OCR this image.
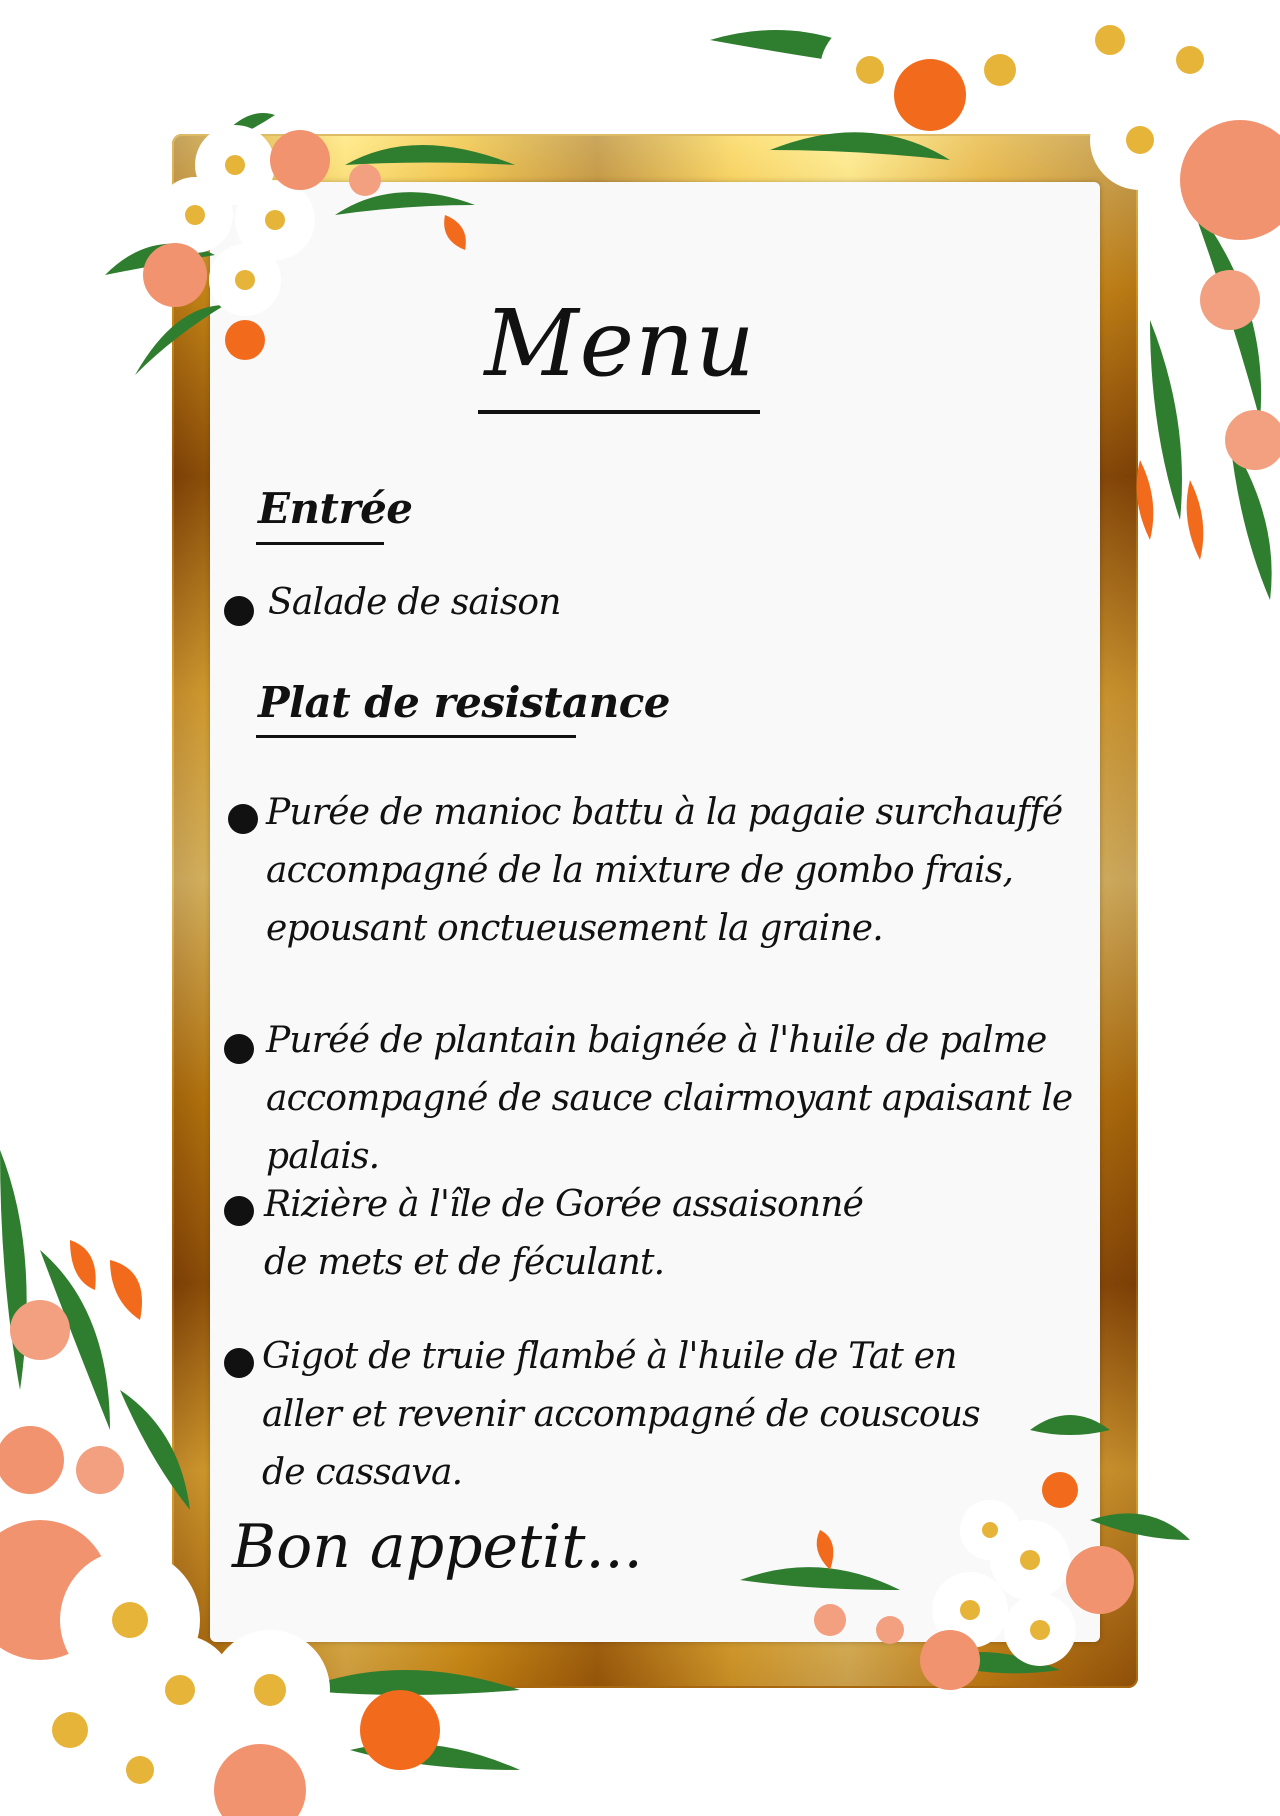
Menu
Entrée
Salade de saison
Plat de resistance
Purée de manioc battu à la pagaie surchauffé accompagné de la mixture de gombo frais, epousant onctueusement la graine.
Puréé de plantain baignée à l'huile de palme accompagné de sauce clairmoyant apaisant le palais.
Rizière à l'île de Gorée assaisonné de mets et de féculant.
Gigot de truie flambé à l'huile de Tat en aller et revenir accompagné de couscous de cassava.
Bon appetit...
